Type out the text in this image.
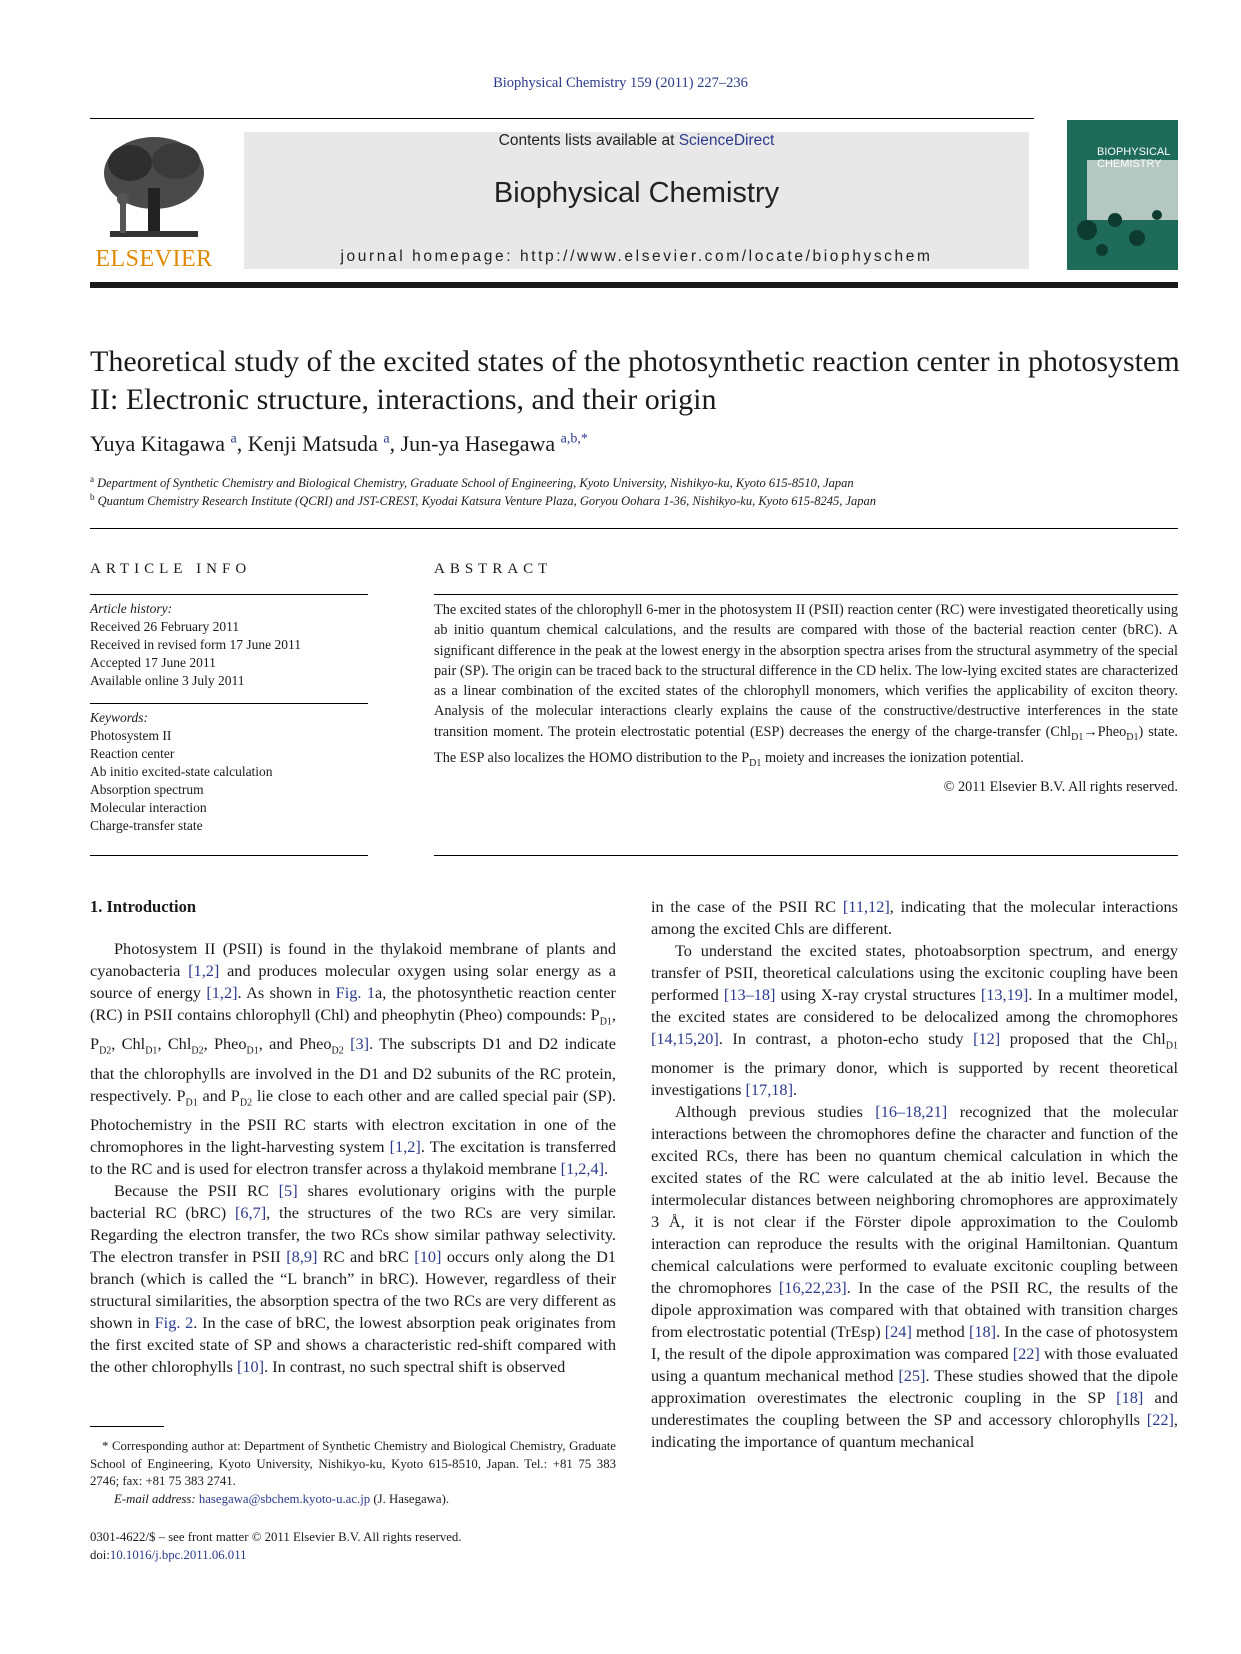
Biophysical Chemistry 159 (2011) 227–236
ELSEVIER
Contents lists available at ScienceDirect
Biophysical Chemistry
journal homepage: http://www.elsevier.com/locate/biophyschem
BIOPHYSICAL CHEMISTRY
Theoretical study of the excited states of the photosynthetic reaction center in photosystem II: Electronic structure, interactions, and their origin
Yuya Kitagawa $^a$, Kenji Matsuda $^a$, Jun-ya Hasegawa $^{a,b,*}$
$^a$ Department of Synthetic Chemistry and Biological Chemistry, Graduate School of Engineering, Kyoto University, Nishikyo-ku, Kyoto 615-8510, Japan
$^b$ Quantum Chemistry Research Institute (QCRI) and JST-CREST, Kyodai Katsura Venture Plaza, Goryou Oohara 1-36, Nishikyo-ku, Kyoto 615-8245, Japan
ARTICLE INFO	ABSTRACT
Article history:
Received 26 February 2011
Received in revised form 17 June 2011
Accepted 17 June 2011
Available online 3 July 2011
Keywords:
Photosystem II
Reaction center
Ab initio excited-state calculation
Absorption spectrum
Molecular interaction
Charge-transfer state
The excited states of the chlorophyll 6-mer in the photosystem II (PSII) reaction center (RC) were investigated theoretically using ab initio quantum chemical calculations, and the results are compared with those of the bacterial reaction center (bRC). A significant difference in the peak at the lowest energy in the absorption spectra arises from the structural asymmetry of the special pair (SP). The origin can be traced back to the structural difference in the CD helix. The low-lying excited states are characterized as a linear combination of the excited states of the chlorophyll monomers, which verifies the applicability of exciton theory. Analysis of the molecular interactions clearly explains the cause of the constructive/destructive interferences in the state transition moment. The protein electrostatic potential (ESP) decreases the energy of the charge-transfer (Chl$_{D1}$→Pheo$_{D1}$) state. The ESP also localizes the HOMO distribution to the $P_{D1}$ moiety and increases the ionization potential.
© 2011 Elsevier B.V. All rights reserved.

1. Introduction

Photosystem II (PSII) is found in the thylakoid membrane of plants and cyanobacteria [1,2] and produces molecular oxygen using solar energy as a source of energy [1,2]. As shown in Fig. 1a, the photosynthetic reaction center (RC) in PSII contains chlorophyll (Chl) and pheophytin (Pheo) compounds: $P_{D1}$, $P_{D2}$, Chl$_{D1}$, Chl$_{D2}$, Pheo$_{D1}$, and Pheo$_{D2}$ [3]. The subscripts D1 and D2 indicate that the chlorophylls are involved in the D1 and D2 subunits of the RC protein, respectively. $P_{D1}$ and $P_{D2}$ lie close to each other and are called special pair (SP). Photochemistry in the PSII RC starts with electron excitation in one of the chromophores in the light-harvesting system [1,2]. The excitation is transferred to the RC and is used for electron transfer across a thylakoid membrane [1,2,4].

Because the PSII RC [5] shares evolutionary origins with the purple bacterial RC (bRC) [6,7], the structures of the two RCs are very similar. Regarding the electron transfer, the two RCs show similar pathway selectivity. The electron transfer in PSII [8,9] RC and bRC [10] occurs only along the D1 branch (which is called the “L branch” in bRC). However, regardless of their structural similarities, the absorption spectra of the two RCs are very different as shown in Fig. 2. In the case of bRC, the lowest absorption peak originates from the first excited state of SP and shows a characteristic red-shift compared with the other chlorophylls [10]. In contrast, no such spectral shift is observed

in the case of the PSII RC [11,12], indicating that the molecular interactions among the excited Chls are different.

To understand the excited states, photoabsorption spectrum, and energy transfer of PSII, theoretical calculations using the excitonic coupling have been performed [13–18] using X-ray crystal structures [13,19]. In a multimer model, the excited states are considered to be delocalized among the chromophores [14,15,20]. In contrast, a photon-echo study [12] proposed that the Chl$_{D1}$ monomer is the primary donor, which is supported by recent theoretical investigations [17,18].

Although previous studies [16–18,21] recognized that the molecular interactions between the chromophores define the character and function of the excited RCs, there has been no quantum chemical calculation in which the excited states of the RC were calculated at the ab initio level. Because the intermolecular distances between neighboring chromophores are approximately 3 Å, it is not clear if the Förster dipole approximation to the Coulomb interaction can reproduce the results with the original Hamiltonian. Quantum chemical calculations were performed to evaluate excitonic coupling between the chromophores [16,22,23]. In the case of the PSII RC, the results of the dipole approximation was compared with that obtained with transition charges from electrostatic potential (TrEsp) [24] method [18]. In the case of photosystem I, the result of the dipole approximation was compared [22] with those evaluated using a quantum mechanical method [25]. These studies showed that the dipole approximation overestimates the electronic coupling in the SP [18] and underestimates the coupling between the SP and accessory chlorophylls [22], indicating the importance of quantum mechanical

* Corresponding author at: Department of Synthetic Chemistry and Biological Chemistry, Graduate School of Engineering, Kyoto University, Nishikyo-ku, Kyoto 615-8510, Japan. Tel.: +81 75 383 2746; fax: +81 75 383 2741.
E-mail address: hasegawa@sbchem.kyoto-u.ac.jp (J. Hasegawa).
0301-4622/$ – see front matter © 2011 Elsevier B.V. All rights reserved.
doi:10.1016/j.bpc.2011.06.011
